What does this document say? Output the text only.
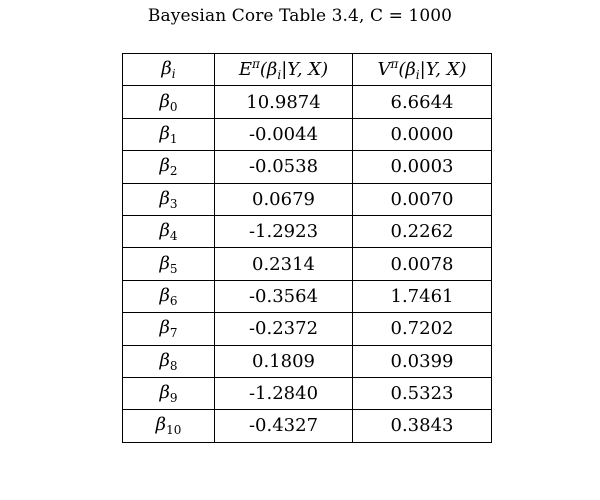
Bayesian Core Table 3.4, C = 1000
$\beta_i$	$E^\pi(\beta_i|Y$, X)	$V^\pi(\beta_i|Y$, X)
$\beta_0$	10.9874	6.6644
$\beta_1$	-0.0044	0.0000
$\beta_2$	-0.0538	0.0003
$\beta_3$	0.0679	0.0070
$\beta_4$	-1.2923	0.2262
$\beta_5$	0.2314	0.0078
$\beta_6$	-0.3564	1.7461
$\beta_7$	-0.2372	0.7202
$\beta_8$	0.1809	0.0399
$\beta_9$	-1.2840	0.5323
$\beta_{10}$	-0.4327	0.3843
